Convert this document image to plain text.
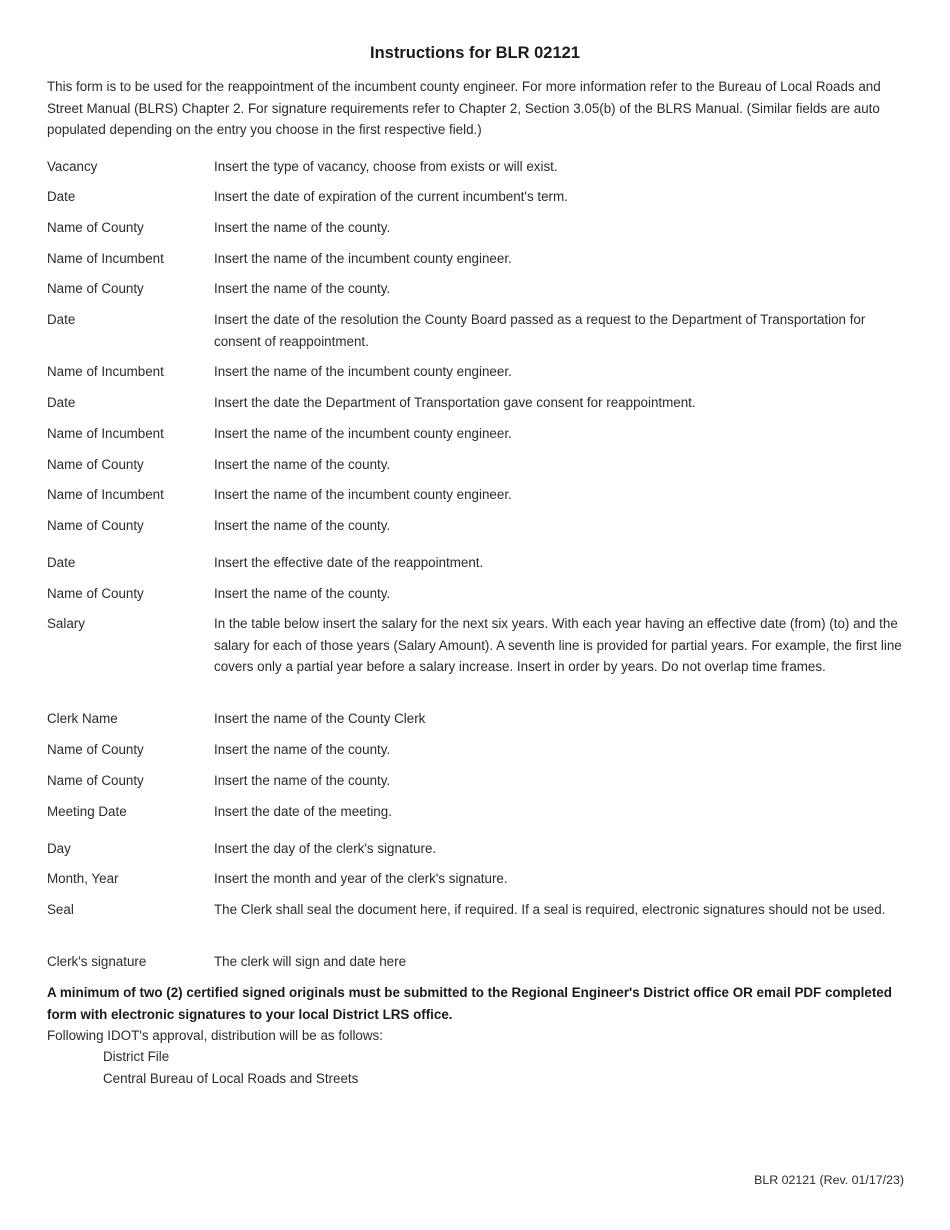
Instructions for BLR 02121

This form is to be used for the reappointment of the incumbent county engineer. For more information refer to the Bureau of Local Roads and Street Manual (BLRS) Chapter 2. For signature requirements refer to Chapter 2, Section 3.05(b) of the BLRS Manual. (Similar fields are auto populated depending on the entry you choose in the first respective field.)

Vacancy	Insert the type of vacancy, choose from exists or will exist.
Date	Insert the date of expiration of the current incumbent's term.
Name of County	Insert the name of the county.
Name of Incumbent	Insert the name of the incumbent county engineer.
Name of County	Insert the name of the county.
Date	Insert the date of the resolution the County Board passed as a request to the Department of Transportation for consent of reappointment.
Name of Incumbent	Insert the name of the incumbent county engineer.
Date	Insert the date the Department of Transportation gave consent for reappointment.
Name of Incumbent	Insert the name of the incumbent county engineer.
Name of County	Insert the name of the county.
Name of Incumbent	Insert the name of the incumbent county engineer.
Name of County	Insert the name of the county.
Date	Insert the effective date of the reappointment.
Name of County	Insert the name of the county.
Salary	In the table below insert the salary for the next six years. With each year having an effective date (from) (to) and the salary for each of those years (Salary Amount). A seventh line is provided for partial years. For example, the first line covers only a partial year before a salary increase. Insert in order by years. Do not overlap time frames.
Clerk Name	Insert the name of the County Clerk
Name of County	Insert the name of the county.
Name of County	Insert the name of the county.
Meeting Date	Insert the date of the meeting.
Day	Insert the day of the clerk's signature.
Month, Year	Insert the month and year of the clerk's signature.
Seal	The Clerk shall seal the document here, if required. If a seal is required, electronic signatures should not be used.
Clerk's signature	The clerk will sign and date here
A minimum of two (2) certified signed originals must be submitted to the Regional Engineer's District office OR email PDF completed form with electronic signatures to your local District LRS office.
Following IDOT's approval, distribution will be as follows:
District File
Central Bureau of Local Roads and Streets
BLR 02121 (Rev. 01/17/23)
